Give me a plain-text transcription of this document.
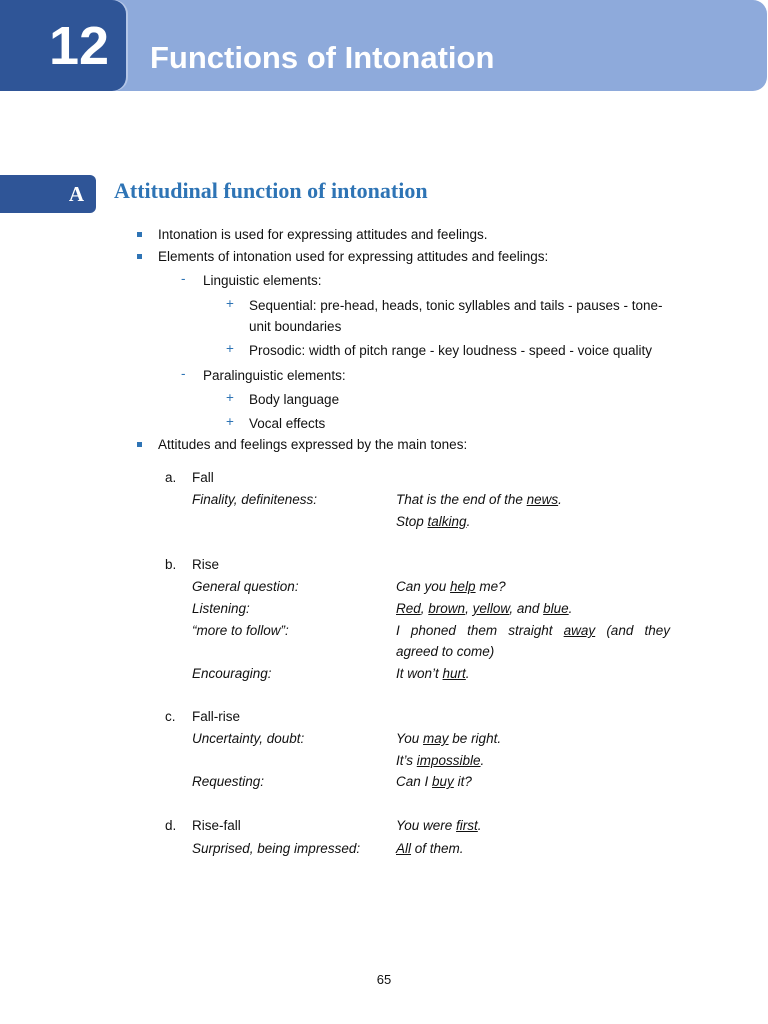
12	Functions of Intonation
A	Attitudinal function of intonation
Intonation is used for expressing attitudes and feelings.
Elements of intonation used for expressing attitudes and feelings:
- Linguistic elements:
+ Sequential: pre-head, heads, tonic syllables and tails - pauses - tone-
unit boundaries
+ Prosodic: width of pitch range - key loudness - speed - voice quality
- Paralinguistic elements:
+ Body language
+ Vocal effects
Attitudes and feelings expressed by the main tones:
a. Fall
Finality, definiteness:	That is the end of the news.
Stop talking.
b. Rise
General question:	Can you help me?
Listening:	Red, brown, yellow, and blue.
“more to follow”:	I phoned them straight away (and they
agreed to come)
Encouraging:	It won’t hurt.
c. Fall-rise
Uncertainty, doubt:	You may be right.
It’s impossible.
Requesting:	Can I buy it?
d. Rise-fall	You were first.
Surprised, being impressed:	All of them.
65
